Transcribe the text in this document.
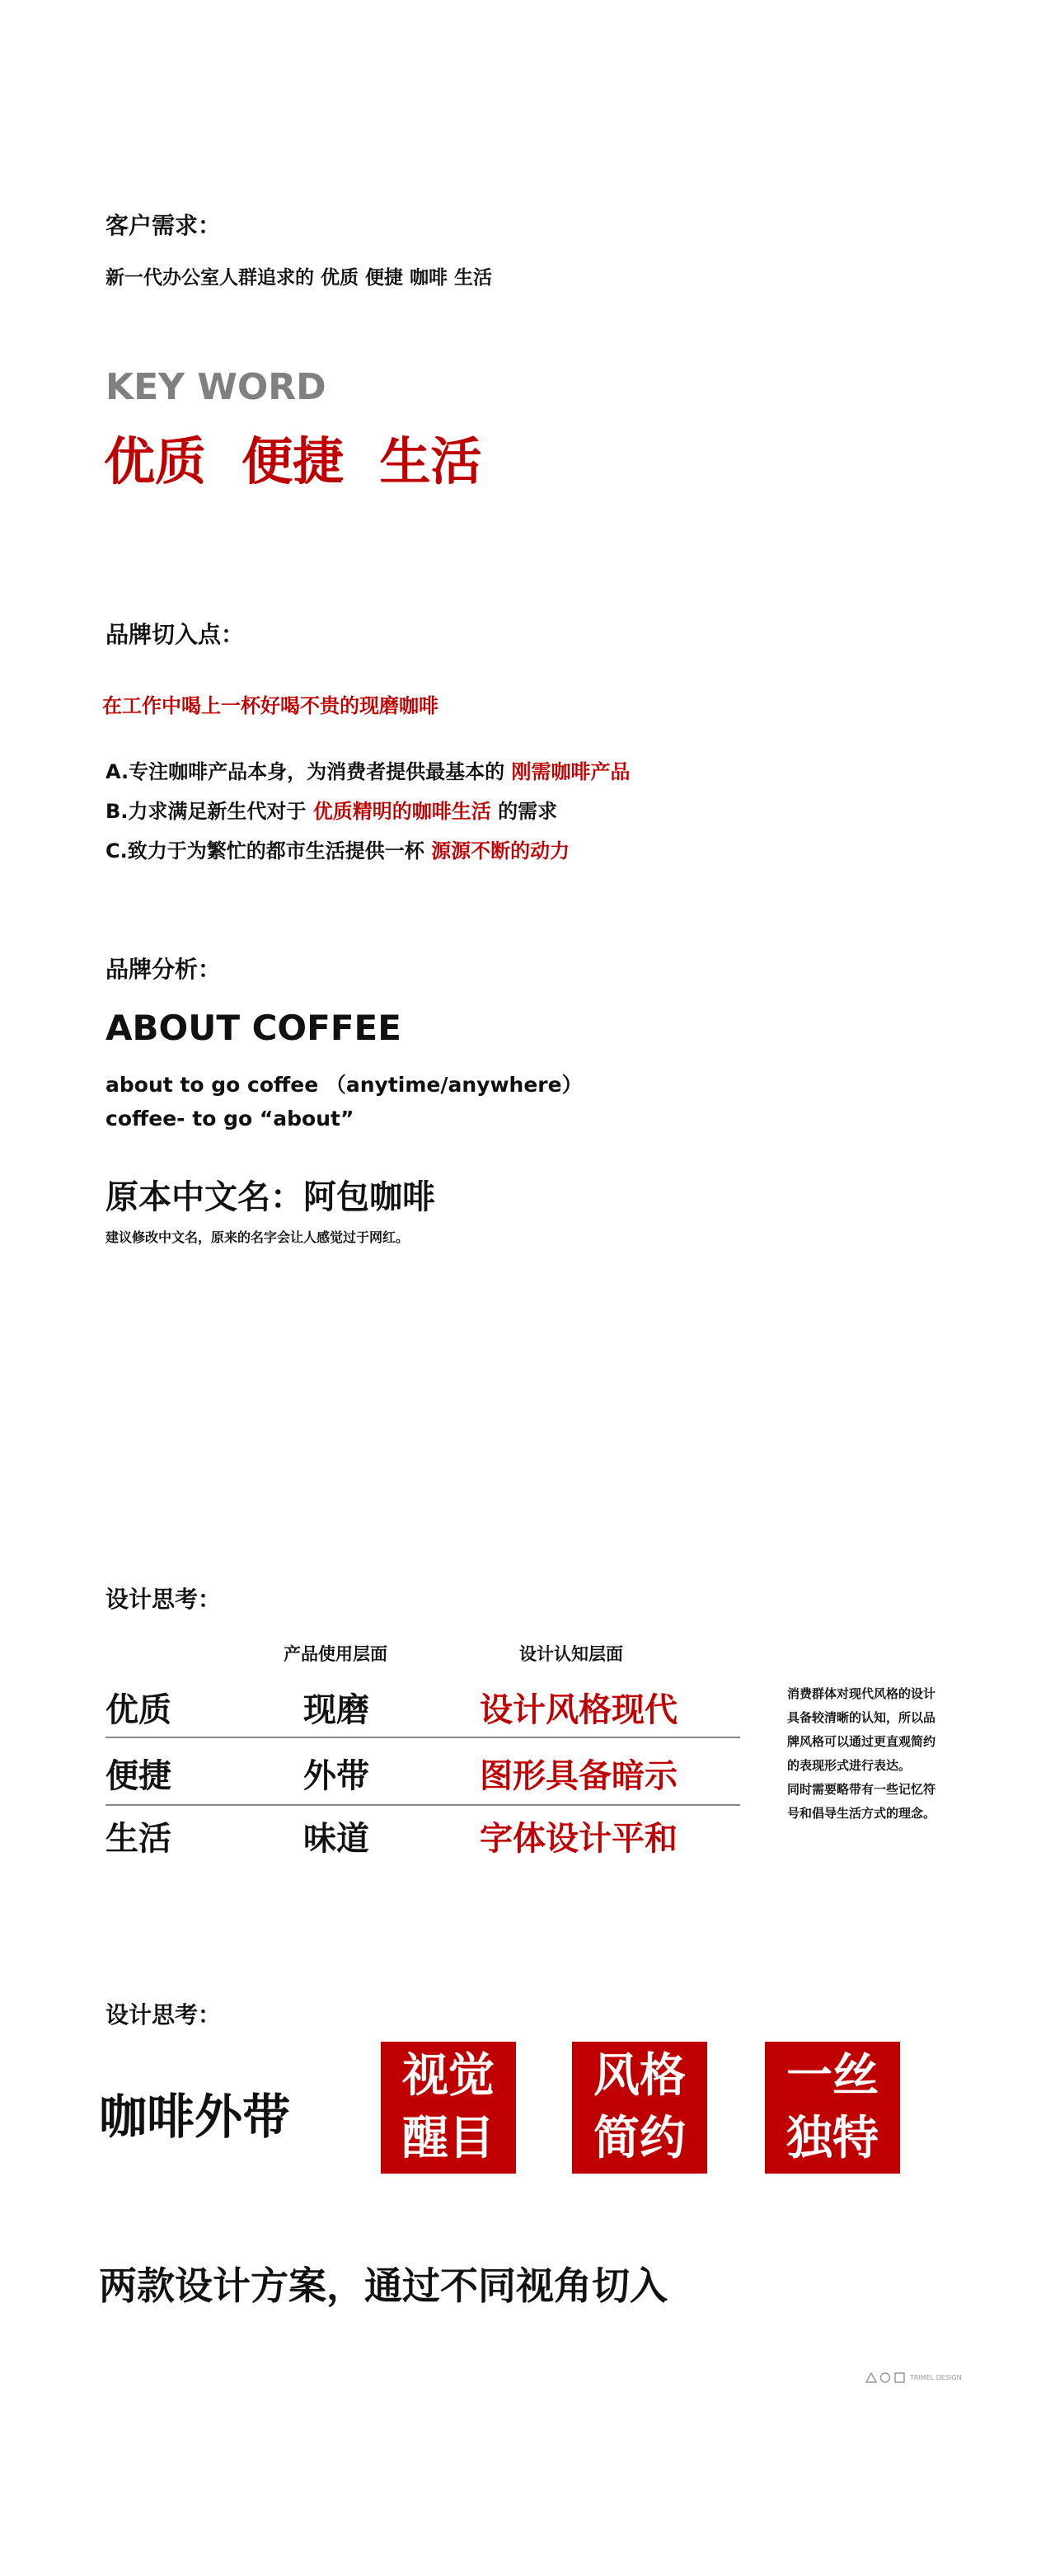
客户需求：
新一代办公室人群追求的 优质 便捷 咖啡 生活
KEY WORD
优质  便捷  生活
品牌切入点：
在工作中喝上一杯好喝不贵的现磨咖啡
A.专注咖啡产品本身，为消费者提供最基本的 刚需咖啡产品
B.力求满足新生代对于 优质精明的咖啡生活 的需求
C.致力于为繁忙的都市生活提供一杯 源源不断的动力
品牌分析：
ABOUT COFFEE
about to go coffee （anytime/anywhere）
coffee- to go “about”
原本中文名：阿包咖啡
建议修改中文名，原来的名字会让人感觉过于网红。
设计思考：
产品使用层面	设计认知层面
优质	现磨	设计风格现代
便捷	外带	图形具备暗示
生活	味道	字体设计平和
消费群体对现代风格的设计
具备较清晰的认知，所以品
牌风格可以通过更直观简约
的表现形式进行表达。
同时需要略带有一些记忆符
号和倡导生活方式的理念。
设计思考：
咖啡外带
视觉
醒目
风格
简约
一丝
独特
两款设计方案，通过不同视角切入
TRIMEL DESIGN
